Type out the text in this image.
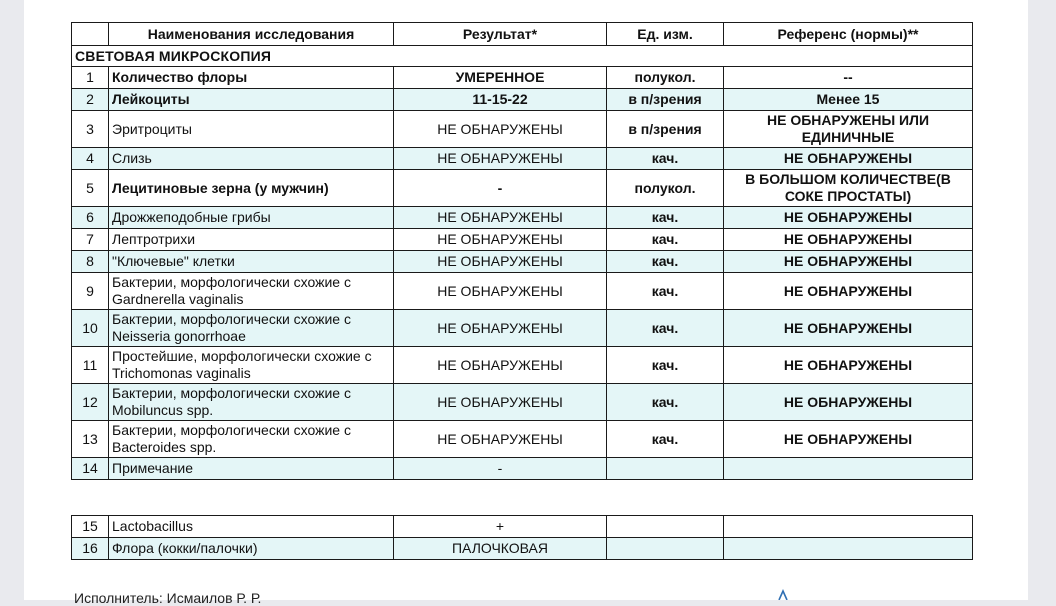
	Наименования исследования	Результат*	Ед. изм.	Референс (нормы)**
СВЕТОВАЯ МИКРОСКОПИЯ				
1	Количество флоры	УМЕРЕННОЕ	полукол.	--
2	Лейкоциты	11-15-22	в п/зрения	Менее 15
3	Эритроциты	НЕ ОБНАРУЖЕНЫ	в п/зрения	НЕ ОБНАРУЖЕНЫ ИЛИ ЕДИНИЧНЫЕ
4	Слизь	НЕ ОБНАРУЖЕНЫ	кач.	НЕ ОБНАРУЖЕНЫ
5	Лецитиновые зерна (у мужчин)	-	полукол.	В БОЛЬШОМ КОЛИЧЕСТВЕ(В СОКЕ ПРОСТАТЫ)
6	Дрожжеподобные грибы	НЕ ОБНАРУЖЕНЫ	кач.	НЕ ОБНАРУЖЕНЫ
7	Лептротрихи	НЕ ОБНАРУЖЕНЫ	кач.	НЕ ОБНАРУЖЕНЫ
8	"Ключевые" клетки	НЕ ОБНАРУЖЕНЫ	кач.	НЕ ОБНАРУЖЕНЫ
9	Бактерии, морфологически схожие с Gardnerella vaginalis	НЕ ОБНАРУЖЕНЫ	кач.	НЕ ОБНАРУЖЕНЫ
10	Бактерии, морфологически схожие с Neisseria gonorrhoae	НЕ ОБНАРУЖЕНЫ	кач.	НЕ ОБНАРУЖЕНЫ
11	Простейшие, морфологически схожие с Trichomonas vaginalis	НЕ ОБНАРУЖЕНЫ	кач.	НЕ ОБНАРУЖЕНЫ
12	Бактерии, морфологически схожие с Mobiluncus spp.	НЕ ОБНАРУЖЕНЫ	кач.	НЕ ОБНАРУЖЕНЫ
13	Бактерии, морфологически схожие с Bacteroides spp.	НЕ ОБНАРУЖЕНЫ	кач.	НЕ ОБНАРУЖЕНЫ
14	Примечание	-		
15	Lactobacillus	+		
16	Флора (кокки/палочки)	ПАЛОЧКОВАЯ		
Исполнитель: Исмаилов Р. Р.
